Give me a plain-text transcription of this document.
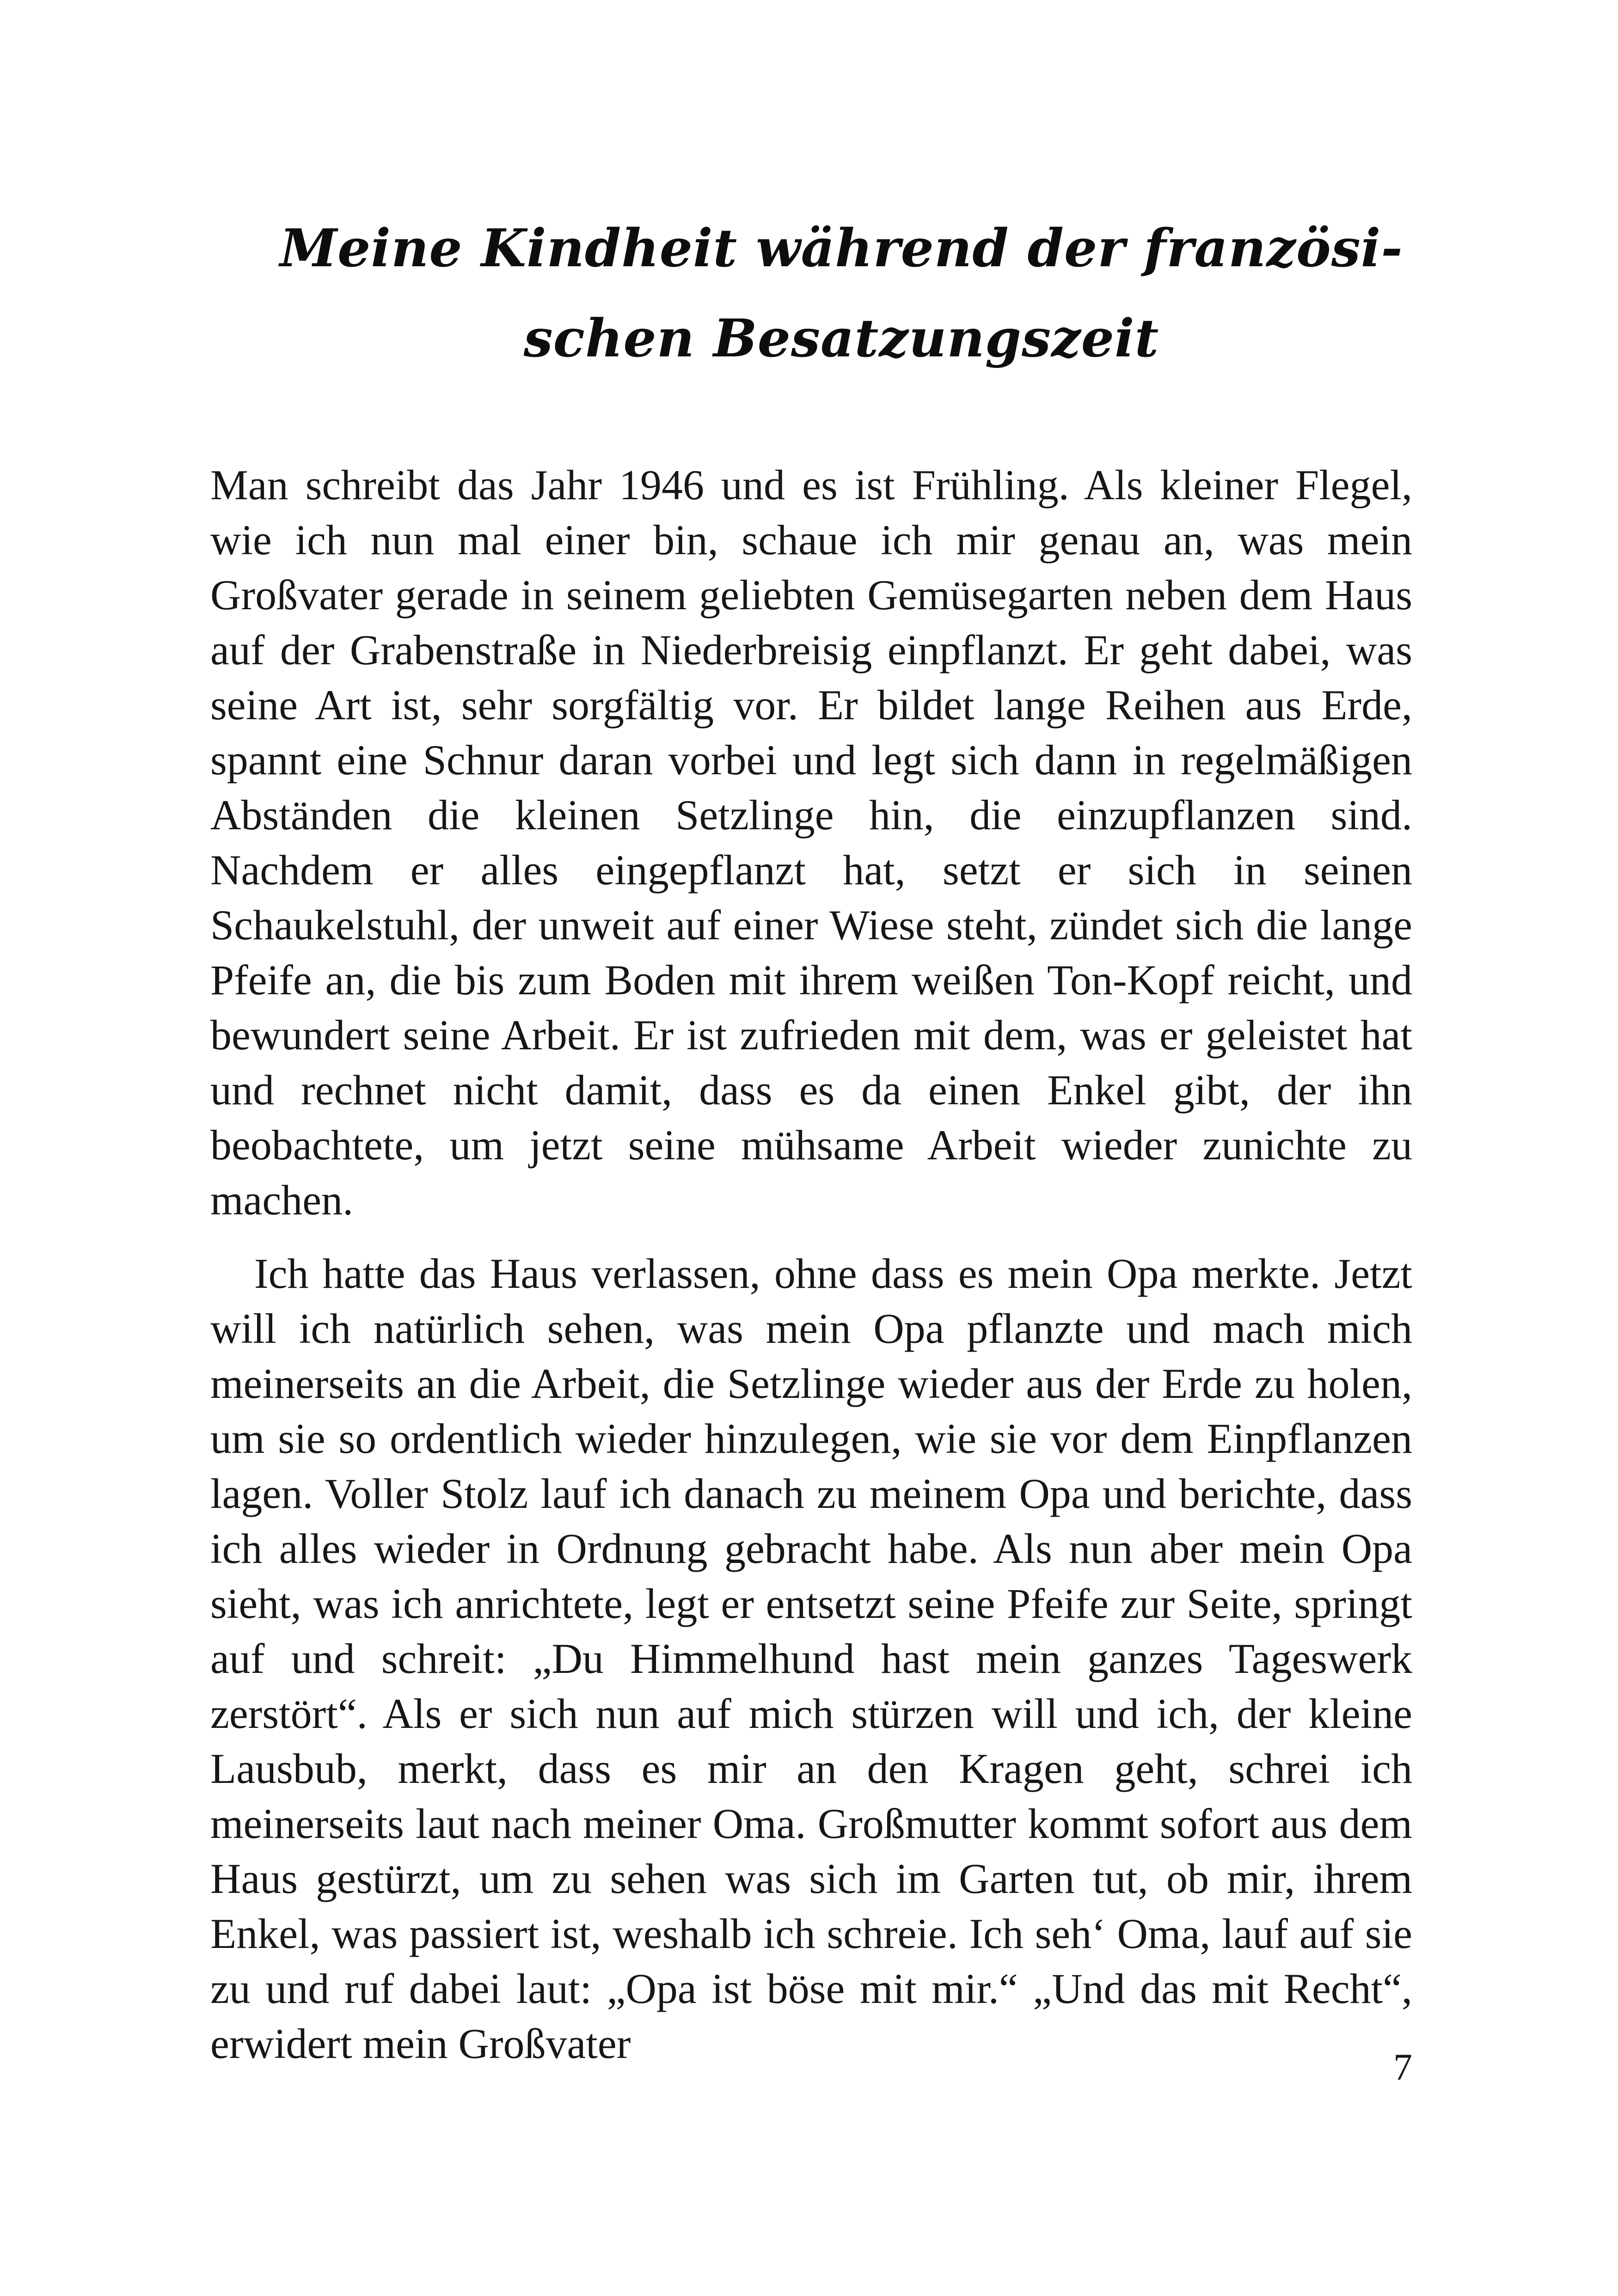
Meine Kindheit während der französi-
schen Besatzungszeit

Man schreibt das Jahr 1946 und es ist Frühling. Als kleiner Flegel, wie ich nun mal einer bin, schaue ich mir genau an, was mein Großvater gerade in seinem geliebten Gemüsegarten neben dem Haus auf der Grabenstraße in Niederbreisig einpflanzt. Er geht dabei, was seine Art ist, sehr sorgfältig vor. Er bildet lange Reihen aus Erde, spannt eine Schnur daran vorbei und legt sich dann in regelmäßigen Abständen die kleinen Setzlinge hin, die einzupflanzen sind. Nachdem er alles eingepflanzt hat, setzt er sich in seinen Schaukelstuhl, der unweit auf einer Wiese steht, zündet sich die lange Pfeife an, die bis zum Boden mit ihrem weißen Ton-Kopf reicht, und bewundert seine Arbeit. Er ist zufrieden mit dem, was er geleistet hat und rechnet nicht damit, dass es da einen Enkel gibt, der ihn beobachtete, um jetzt seine mühsame Arbeit wieder zunichte zu machen.

Ich hatte das Haus verlassen, ohne dass es mein Opa merkte. Jetzt will ich natürlich sehen, was mein Opa pflanzte und mach mich meinerseits an die Arbeit, die Setzlinge wieder aus der Erde zu holen, um sie so ordentlich wieder hinzulegen, wie sie vor dem Einpflanzen lagen. Voller Stolz lauf ich danach zu meinem Opa und berichte, dass ich alles wieder in Ordnung gebracht habe. Als nun aber mein Opa sieht, was ich anrichtete, legt er entsetzt seine Pfeife zur Seite, springt auf und schreit: „Du Himmelhund hast mein ganzes Tageswerk zerstört“. Als er sich nun auf mich stürzen will und ich, der kleine Lausbub, merkt, dass es mir an den Kragen geht, schrei ich meinerseits laut nach meiner Oma. Großmutter kommt sofort aus dem Haus gestürzt, um zu sehen was sich im Garten tut, ob mir, ihrem Enkel, was passiert ist, weshalb ich schreie. Ich seh‘ Oma, lauf auf sie zu und ruf dabei laut: „Opa ist böse mit mir.“ „Und das mit Recht“, erwidert mein Großvater	7
